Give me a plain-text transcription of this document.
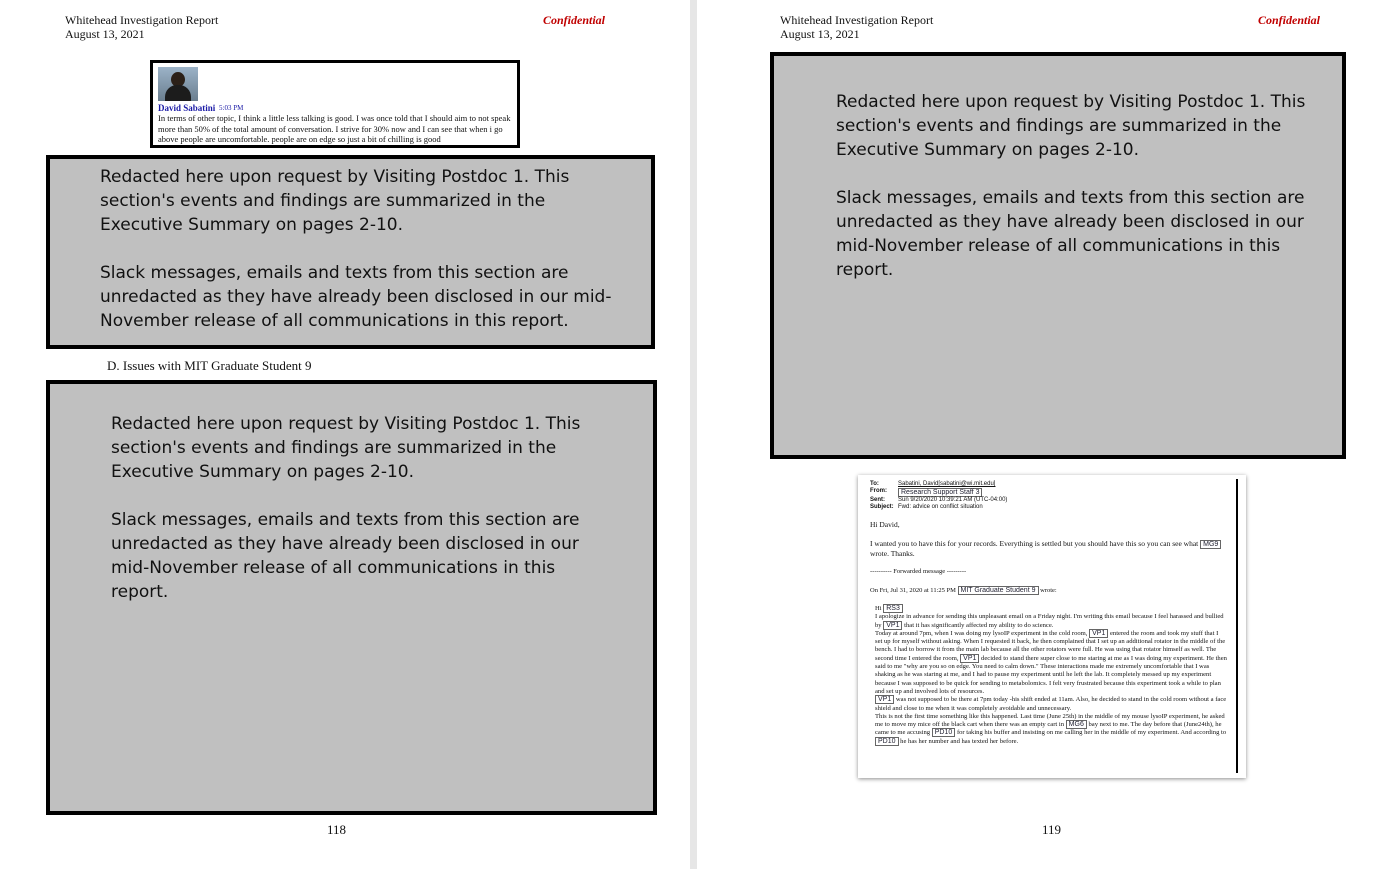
Whitehead Investigation Report
August 13, 2021
Confidential
David Sabatini 5:03 PM
In terms of other topic, I think a little less talking is good. I was once told that I should aim to not speak more than 50% of the total amount of conversation. I strive for 30% now and I can see that when i go above people are uncomfortable. people are on edge so just a bit of chilling is good

Redacted here upon request by Visiting Postdoc 1. This section's events and findings are summarized in the Executive Summary on pages 2-10.

Slack messages, emails and texts from this section are unredacted as they have already been disclosed in our mid-November release of all communications in this report.

D. Issues with MIT Graduate Student 9

Redacted here upon request by Visiting Postdoc 1. This section's events and findings are summarized in the Executive Summary on pages 2-10.

Slack messages, emails and texts from this section are unredacted as they have already been disclosed in our mid-November release of all communications in this report.

118
Whitehead Investigation Report
August 13, 2021
Confidential

Redacted here upon request by Visiting Postdoc 1. This section's events and findings are summarized in the Executive Summary on pages 2-10.

Slack messages, emails and texts from this section are unredacted as they have already been disclosed in our mid-November release of all communications in this report.

119
To:	Sabatini, David[sabatini@wi.mit.edu]
From:	Research Support Staff 3
Sent:	Sun 9/20/2020 10:39:21 AM (UTC-04:00)
Subject: Fwd: advice on conflict situation
Hi David,
I wanted you to have this for your records. Everything is settled but you should have this so you can see what MG9 wrote. Thanks.
---------- Forwarded message ---------
On Fri, Jul 31, 2020 at 11:25 PM MIT Graduate Student 9 wrote:

Hi RS3

I apologize in advance for sending this unpleasant email on a Friday night. I'm writing this email because I feel harassed and bullied by VP1 that it has significantly affected my ability to do science.

Today at around 7pm, when I was doing my lysoIP experiment in the cold room, VP1 entered the room and took my stuff that I set up for myself without asking. When I requested it back, he then complained that I set up an additional rotator in the middle of the bench. I had to borrow it from the main lab because all the other rotators were full. He was using that rotator himself as well. The second time I entered the room, VP1 decided to stand there super close to me staring at me as I was doing my experiment. He then said to me "why are you so on edge. You need to calm down." These interactions made me extremely uncomfortable that I was shaking as he was staring at me, and I had to pause my experiment until he left the lab. It completely messed up my experiment because I was supposed to be quick for sending to metabolomics. I felt very frustrated because this experiment took a while to plan and set up and involved lots of resources.

VP1 was not supposed to be there at 7pm today -his shift ended at 11am. Also, he decided to stand in the cold room without a face shield and close to me when it was completely avoidable and unnecessary.

This is not the first time something like this happened. Last time (June 25th) in the middle of my mouse lysoIP experiment, he asked me to move my mice off the black cart when there was an empty cart in MG6 bay next to me. The day before that (June24th), he came to me accusing PD10 for taking his buffer and insisting on me calling her in the middle of my experiment. And according to PD10 he has her number and has texted her before.
